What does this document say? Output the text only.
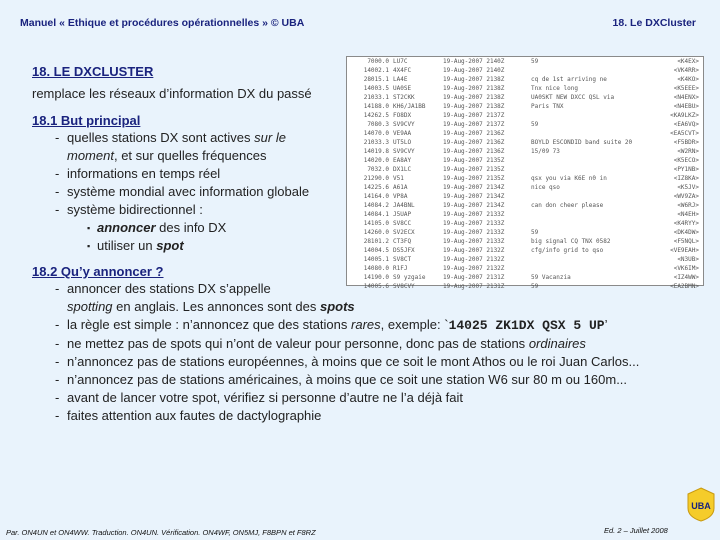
Manuel « Ethique et procédures opérationnelles » © UBA	18. Le DXCluster
18. LE DXCLUSTER
remplace les réseaux d’information DX du passé
18.1 But principal
- quelles stations DX sont actives sur le moment, et sur quelles fréquences
- informations en temps réel
- système mondial avec information globale
- système bidirectionnel :
▪ annoncer des info DX
▪ utiliser un spot
7000.0 LU7C	19-Aug-2007 2140Z	59	<K4EX>
14002.1 4X4FC	19-Aug-2007 2140Z	<VK4RR>
28015.1 LA4E	19-Aug-2007 2138Z	cq de 1st arriving ne	<K4KO>
14003.5 UA0SE	19-Aug-2007 2138Z	Tnx nice long	<K5EEE>
21033.1 ST2CKK	19-Aug-2007 2138Z	UA0SKT NEW DXCC QSL via	<N4ENX>
14188.0 KH6/JA1BB	19-Aug-2007 2138Z	Paris TNX	<N4EBU>
14262.5 FO8DX	19-Aug-2007 2137Z	<KA9LKZ>
7080.3 SV9CVY	19-Aug-2007 2137Z	59	<EA6VQ>
14070.0 VE9AA	19-Aug-2007 2136Z	<EA5CVT>
21033.3 UT5LO	19-Aug-2007 2136Z	BOYLD ESCONDID band suite 20	<F5BDR>
14019.8 SV9CVY	19-Aug-2007 2136Z	15/09 73	<W2RN>
14020.0 EA8AY	19-Aug-2007 2135Z	<K5ECO>
7032.0 DX1LC	19-Aug-2007 2135Z	<PY1NB>
21290.0 V51	19-Aug-2007 2135Z	qsx you via K6E n0 in	<IZ8KA>
14225.6 A61A	19-Aug-2007 2134Z	nice qso	<K5JV>
14164.0 VP8A	19-Aug-2007 2134Z	<WV9ZA>
14084.2 JA4BNL	19-Aug-2007 2134Z	can don cheer please	<W6RJ>
14084.1 J5UAP	19-Aug-2007 2133Z	<N4EH>
14105.0 SV8CC	19-Aug-2007 2133Z	<K4RYY>
14260.0 SV2ECX	19-Aug-2007 2133Z	59	<DK4DW>
28101.2 CT3FQ	19-Aug-2007 2133Z	big signal CQ TNX 0582	<F5NQL>
14004.5 DS5JFX	19-Aug-2007 2132Z	cfg/info grid to qso	<VE9EAH>
14005.1 SV8CT	19-Aug-2007 2132Z	<N3UB>
14080.0 R1FJ	19-Aug-2007 2132Z	<VK6IM>
14190.0 S9 yzgaie	19-Aug-2007 2131Z	59 Vacanzia	<IZ4WW>
14005.6 SV8CVY	19-Aug-2007 2131Z	59	<EA2BMN>
18.2 Qu’y annoncer ?
- annoncer des stations DX s’appelle
spotting en anglais. Les annonces sont des spots
- la règle est simple : n’annoncez que des stations rares, exemple: `14025 ZK1DX QSX 5 UP’
- ne mettez pas de spots qui n’ont de valeur pour personne, donc pas de stations ordinaires
- n’annoncez pas de stations européennes, à moins que ce soit le mont Athos ou le roi Juan Carlos...
- n’annoncez pas de stations américaines, à moins que ce soit une station W6 sur 80 m ou 160m...
- avant de lancer votre spot, vérifiez si personne d’autre ne l’a déjà fait
- faites attention aux fautes de dactylographie
Par. ON4UN et ON4WW. Traduction. ON4UN. Vérification. ON4WF, ON5MJ, F8BPN et F8RZ	Ed. 2 – Juillet 2008
UBA
